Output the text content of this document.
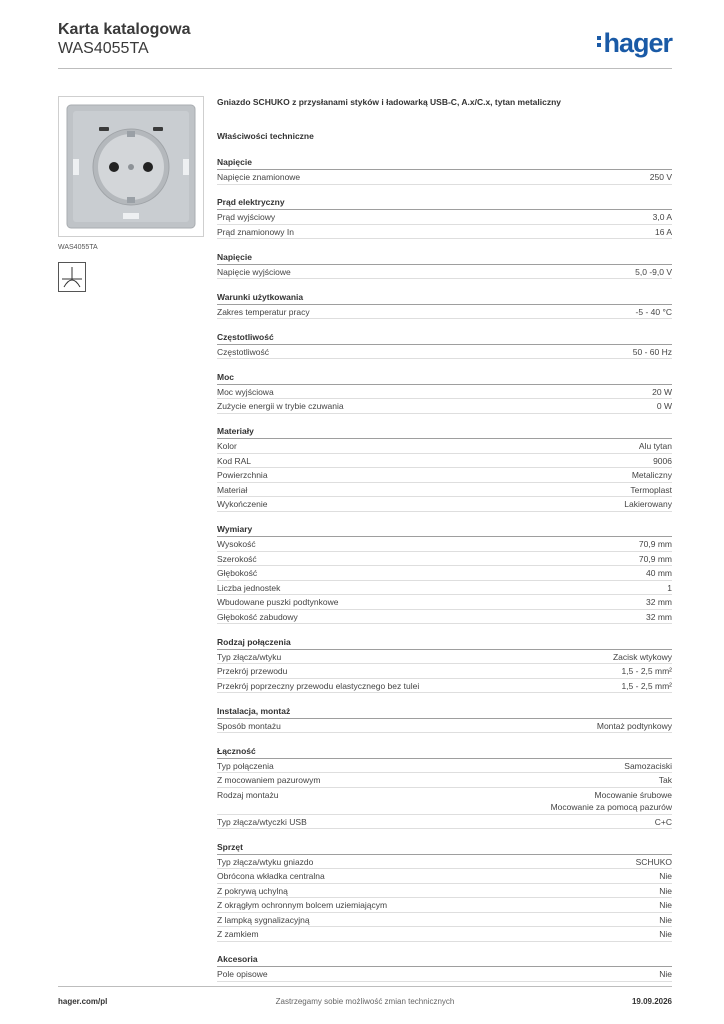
Karta katalogowa
WAS4055TA	hager
WAS4055TA
Gniazdo SCHUKO z przysłanami styków i ładowarką USB-C, A.x/C.x, tytan metaliczny
Właściwości techniczne
Napięcie
Napięcie znamionowe	250 V
Prąd elektryczny
Prąd wyjściowy	3,0 A
Prąd znamionowy In	16 A
Napięcie
Napięcie wyjściowe	5,0 -9,0 V
Warunki użytkowania
Zakres temperatur pracy	-5 - 40 °C
Częstotliwość
Częstotliwość	50 - 60 Hz
Moc
Moc wyjściowa	20 W
Zużycie energii w trybie czuwania	0 W
Materiały
Kolor	Alu tytan
Kod RAL	9006
Powierzchnia	Metaliczny
Materiał	Termoplast
Wykończenie	Lakierowany
Wymiary
Wysokość	70,9 mm
Szerokość	70,9 mm
Głębokość	40 mm
Liczba jednostek	1
Wbudowane puszki podtynkowe	32 mm
Głębokość zabudowy	32 mm
Rodzaj połączenia
Typ złącza/wtyku	Zacisk wtykowy
Przekrój przewodu	1,5 - 2,5 mm²
Przekrój poprzeczny przewodu elastycznego bez tulei	1,5 - 2,5 mm²
Instalacja, montaż
Sposób montażu	Montaż podtynkowy
Łączność
Typ połączenia	Samozaciski
Z mocowaniem pazurowym	Tak
Rodzaj montażu	Mocowanie śrubowe
Mocowanie za pomocą pazurów
Typ złącza/wtyczki USB	C+C
Sprzęt
Typ złącza/wtyku gniazdo	SCHUKO
Obrócona wkładka centralna	Nie
Z pokrywą uchylną	Nie
Z okrągłym ochronnym bolcem uziemiającym	Nie
Z lampką sygnalizacyjną	Nie
Z zamkiem	Nie
Akcesoria
Pole opisowe	Nie
hager.com/pl	Zastrzegamy sobie możliwość zmian technicznych	19.09.2026
